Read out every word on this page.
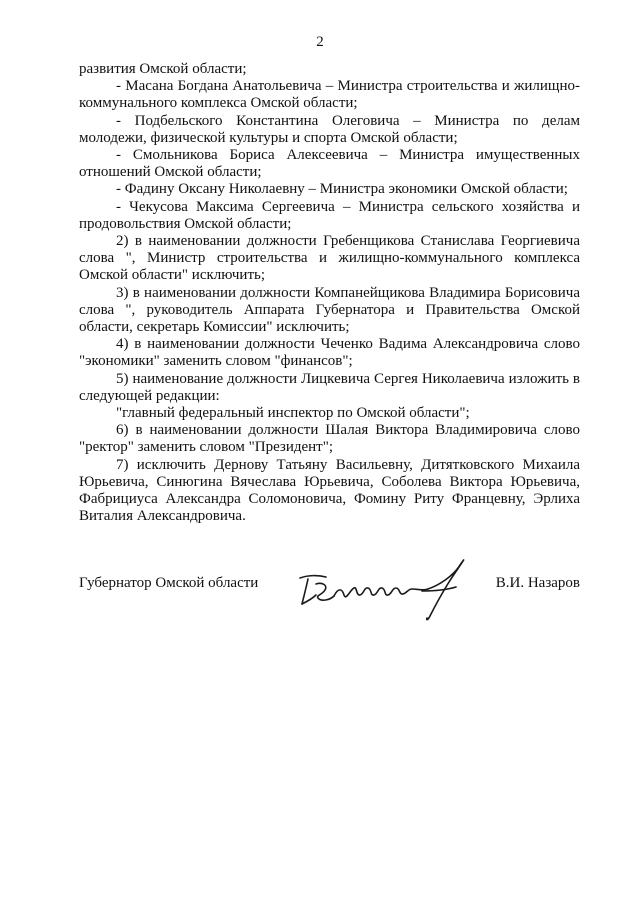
2

развития Омской области;

- Масана Богдана Анатольевича – Министра строительства и жилищно-коммунального комплекса Омской области;

- Подбельского Константина Олеговича – Министра по делам молодежи, физической культуры и спорта Омской области;

- Смольникова Бориса Алексеевича – Министра имущественных отношений Омской области;

- Фадину Оксану Николаевну – Министра экономики Омской области;

- Чекусова Максима Сергеевича – Министра сельского хозяйства и продовольствия Омской области;

2) в наименовании должности Гребенщикова Станислава Георгиевича слова ", Министр строительства и жилищно-коммунального комплекса Омской области" исключить;

3) в наименовании должности Компанейщикова Владимира Борисовича слова ", руководитель Аппарата Губернатора и Правительства Омской области, секретарь Комиссии" исключить;

4) в наименовании должности Чеченко Вадима Александровича слово "экономики" заменить словом "финансов";

5) наименование должности Лицкевича Сергея Николаевича изложить в следующей редакции:

"главный федеральный инспектор по Омской области";

6) в наименовании должности Шалая Виктора Владимировича слово "ректор" заменить словом "Президент";

7) исключить Дернову Татьяну Васильевну, Дитятковского Михаила Юрьевича, Синюгина Вячеслава Юрьевича, Соболева Виктора Юрьевича, Фабрициуса Александра Соломоновича, Фомину Риту Францевну, Эрлиха Виталия Александровича.

Губернатор Омской области	В.И. Назаров
